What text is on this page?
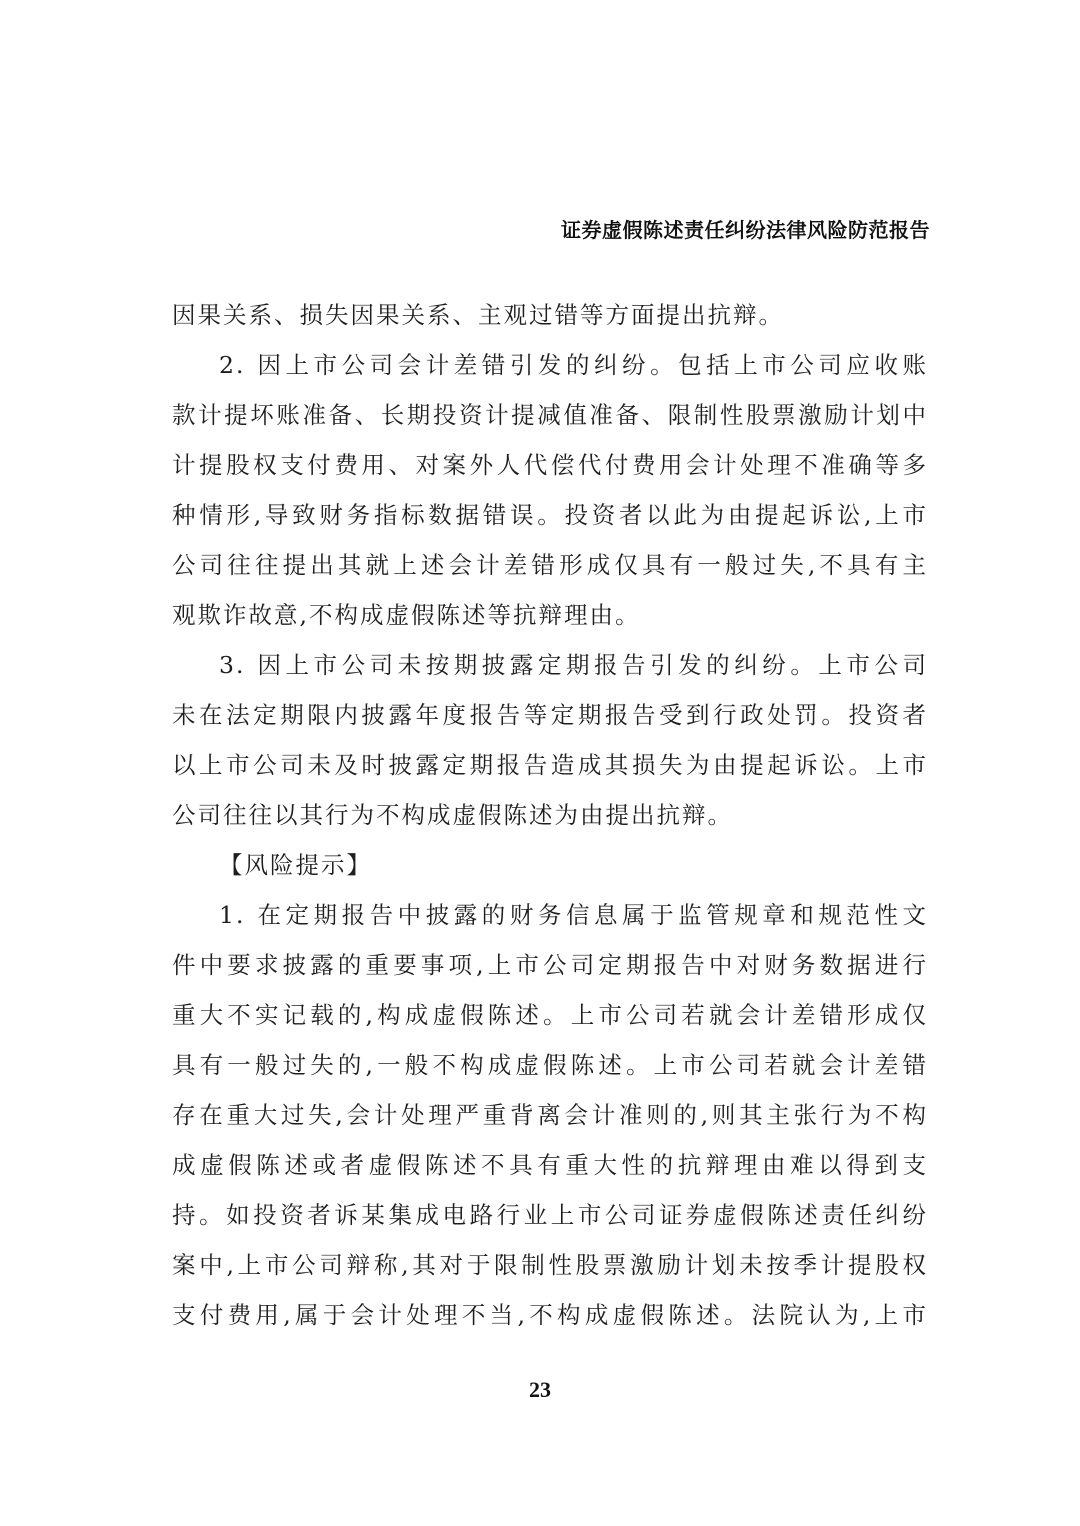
证券虚假陈述责任纠纷法律风险防范报告
因果关系、损失因果关系、主观过错等方面提出抗辩。
2. 因上市公司会计差错引发的纠纷。包括上市公司应收账
款计提坏账准备、长期投资计提减值准备、限制性股票激励计划中
计提股权支付费用、对案外人代偿代付费用会计处理不准确等多
种情形,导致财务指标数据错误。投资者以此为由提起诉讼,上市
公司往往提出其就上述会计差错形成仅具有一般过失,不具有主
观欺诈故意,不构成虚假陈述等抗辩理由。
3. 因上市公司未按期披露定期报告引发的纠纷。上市公司
未在法定期限内披露年度报告等定期报告受到行政处罚。投资者
以上市公司未及时披露定期报告造成其损失为由提起诉讼。上市
公司往往以其行为不构成虚假陈述为由提出抗辩。
【风险提示】
1. 在定期报告中披露的财务信息属于监管规章和规范性文
件中要求披露的重要事项,上市公司定期报告中对财务数据进行
重大不实记载的,构成虚假陈述。上市公司若就会计差错形成仅
具有一般过失的,一般不构成虚假陈述。上市公司若就会计差错
存在重大过失,会计处理严重背离会计准则的,则其主张行为不构
成虚假陈述或者虚假陈述不具有重大性的抗辩理由难以得到支
持。如投资者诉某集成电路行业上市公司证券虚假陈述责任纠纷
案中,上市公司辩称,其对于限制性股票激励计划未按季计提股权
支付费用,属于会计处理不当,不构成虚假陈述。法院认为,上市
23
